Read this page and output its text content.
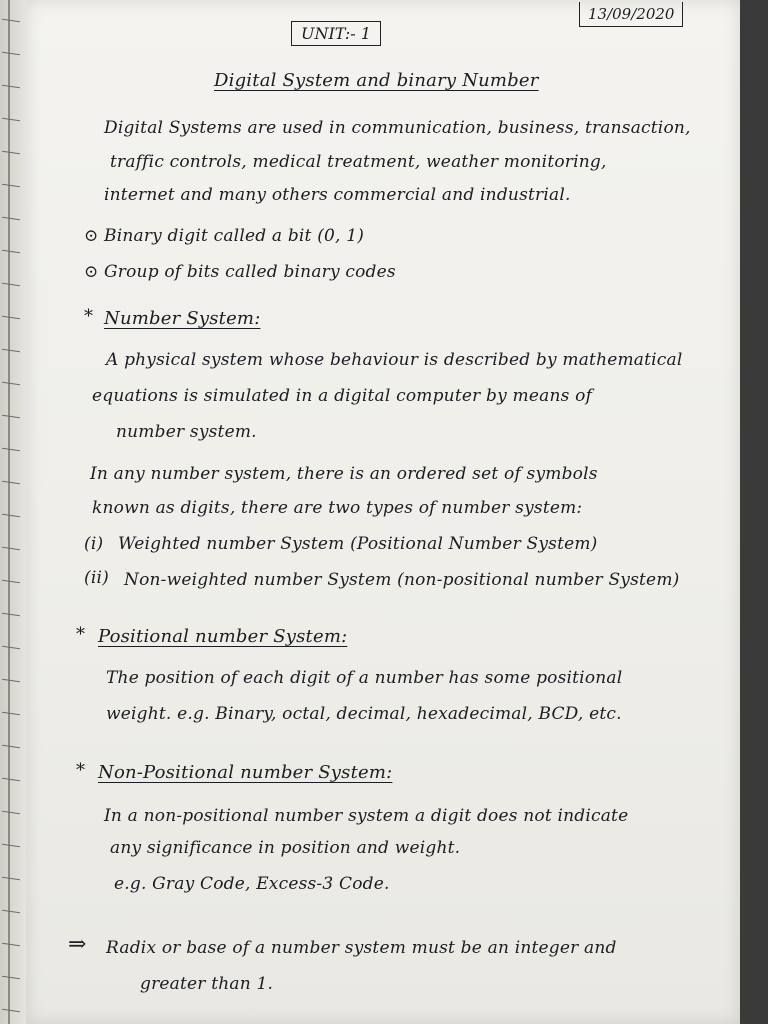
13/09/2020
UNIT:- 1
Digital System and binary Number
Digital Systems are used in communication, business, transaction,
traffic controls, medical treatment, weather monitoring,
internet and many others commercial and industrial.
⊙ Binary digit called a bit (0, 1)
⊙ Group of bits called binary codes
* Number System:
A physical system whose behaviour is described by mathematical
equations is simulated in a digital computer by means of
number system.
In any number system, there is an ordered set of symbols
known as digits, there are two types of number system:
(i) Weighted number System (Positional Number System)
(ii) Non-weighted number System (non-positional number System)
* Positional number System:
The position of each digit of a number has some positional
weight. e.g. Binary, octal, decimal, hexadecimal, BCD, etc.
* Non-Positional number System:
In a non-positional number system a digit does not indicate
any significance in position and weight.
e.g. Gray Code, Excess-3 Code.
⇒ Radix or base of a number system must be an integer and
greater than 1.
